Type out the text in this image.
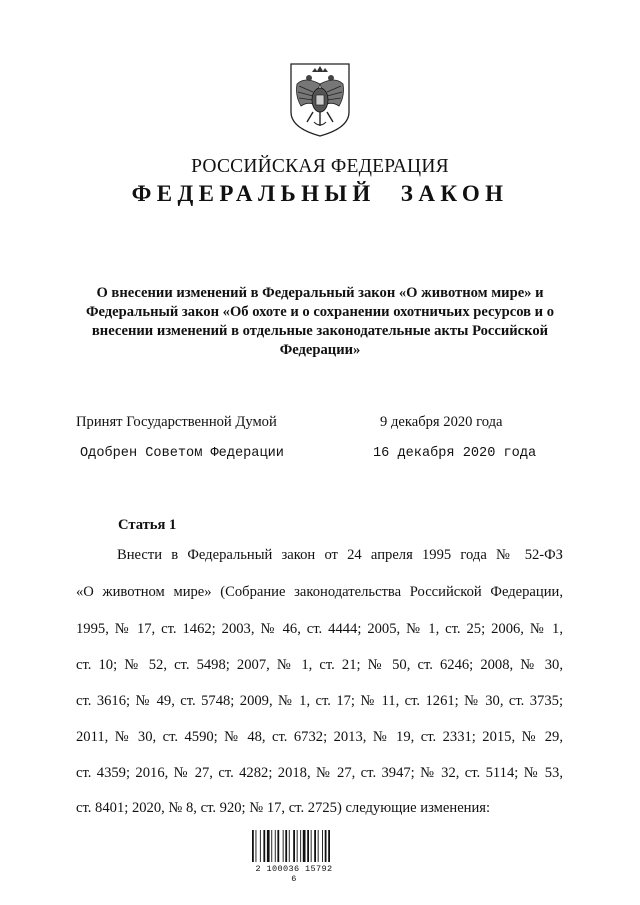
РОССИЙСКАЯ ФЕДЕРАЦИЯ
ФЕДЕРАЛЬНЫЙ ЗАКОН
О внесении изменений в Федеральный закон «О животном мире» и
Федеральный закон «Об охоте и о сохранении охотничьих ресурсов и о
внесении изменений в отдельные законодательные акты Российской
Федерации»
Принят Государственной Думой	9 декабря 2020 года
Одобрен Советом Федерации	16 декабря 2020 года
Статья 1
Внести в Федеральный закон от 24 апреля 1995 года № 52-ФЗ
«О животном мире» (Собрание законодательства Российской Федерации,
1995, № 17, ст. 1462; 2003, № 46, ст. 4444; 2005, № 1, ст. 25; 2006, № 1,
ст. 10; № 52, ст. 5498; 2007, № 1, ст. 21; № 50, ст. 6246; 2008, № 30,
ст. 3616; № 49, ст. 5748; 2009, № 1, ст. 17; № 11, ст. 1261; № 30, ст. 3735;
2011, № 30, ст. 4590; № 48, ст. 6732; 2013, № 19, ст. 2331; 2015, № 29,
ст. 4359; 2016, № 27, ст. 4282; 2018, № 27, ст. 3947; № 32, ст. 5114; № 53,
ст. 8401; 2020, № 8, ст. 920; № 17, ст. 2725) следующие изменения:
2 100036 15792 6
